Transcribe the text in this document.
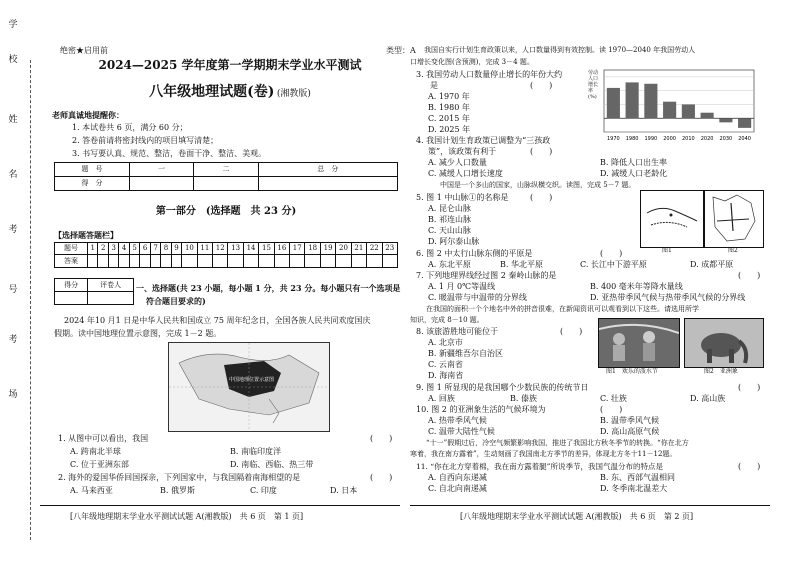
学
校
姓
名
考
号
考
场
绝密★启用前
2024—2025 学年度第一学期期末学业水平测试
八年级地理试题(卷) (湘教版)
老师真诚地提醒你：
1. 本试卷共 6 页，满分 60 分；
2. 答卷前请将密封线内的项目填写清楚；
3. 书写要认真、规范、整洁，卷面干净、整洁、美观。
题　号	一	二	总　分
得　分			
第一部分　(选择题　共 23 分)
【选择题答题栏】
题号	1	2	3	4	5	6	7	8	9	10	11	12	13	14	15	16	17	18	19	20	21	22	23
答案																							
得分	评卷人
	一、选择题(共 23 小题，每小题 1 分，共 23 分。每小题只有一个选项是
符合题目要求的)
2024 年10 月1 日是中华人民共和国成立 75 周年纪念日，全国各族人民共同欢度国庆
假期。读中国地理位置示意图，完成 1－2 题。
中国地理位置示意图
1. 从图中可以看出，我国	(　　)
A. 跨南北半球	B. 南临印度洋
C. 位于亚洲东部	D. 南临、西临、热三带
2. 海外的爱国华侨回国探亲，下列国家中，与我国隔着南海相望的是	(　　)
A. 马来西亚	B. 俄罗斯	C. 印度	D. 日本
[八年级地理期末学业水平测试试题 A(湘教版)　共 6 页　第 1 页]
类型：A 我国自实行计划生育政策以来，人口数量得到有效控制。读 1970—2040 年我国劳动人
口增长变化图(含预测)，完成 3－4 题。
3. 我国劳动人口数量停止增长的年份大约
是	(　　)
A. 1970 年
B. 1980 年
C. 2015 年
D. 2025 年
劳动人口增长率(%)
1970 1980 1990 2000 2010 2020 2030 2040
4. 我国计划生育政策已调整为“三孩政
策”，该政策有利于	(　　)
A. 减少人口数量	B. 降低人口出生率
C. 减缓人口增长速度	D. 减缓人口老龄化
中国是一个多山的国家，山脉纵横交织。读图，完成 5－7 题。
5. 图 1 中山脉①的名称是	(　　)
A. 昆仑山脉
B. 祁连山脉
C. 天山山脉
D. 阿尔泰山脉
图1	图2
6. 图 2 中太行山脉东侧的平原是	(　　)
A. 东北平原	B. 华北平原	C. 长江中下游平原	D. 成都平原
7. 下列地理界线经过图 2 秦岭山脉的是	(　　)
A. 1 月 0℃等温线	B. 400 毫米年等降水量线
C. 暖温带与中温带的分界线	D. 亚热带季风气候与热带季风气候的分界线
在我国的面积一个个地名中外的拼音很难，在新闻资讯可以观看到以下这些。请选用所学
知识，完成 8－10 题。
8. 该旅游胜地可能位于	(　　)
A. 北京市
B. 新疆维吾尔自治区
C. 云南省
D. 海南省	图1　欢乐的泼水节	图2　亚洲象
9. 图 1 所显现的是我国哪个少数民族的传统节日	(　　)
A. 回族	B. 傣族	C. 壮族	D. 高山族
10. 图 2 的亚洲象生活的气候环境为	(　　)
A. 热带季风气候	B. 温带季风气候
C. 温带大陆性气候	D. 高山高原气候
“十一”假期过后，冷空气频繁影响我国，推进了我国北方秋冬季节的转换。“你在北方
寒着，我在南方露着”，生动刻画了我国南北方季节的差异，体现北方冬十11－12题。
11. “你在北方穿着棉，我在南方露着腿”所说季节，我国气温分布的特点是	(　　)
A. 自西向东递减	B. 东、西部气温相同
C. 自北向南递减	D. 冬季南北温差大
[八年级地理期末学业水平测试试题 A(湘教版)　共 6 页　第 2 页]
